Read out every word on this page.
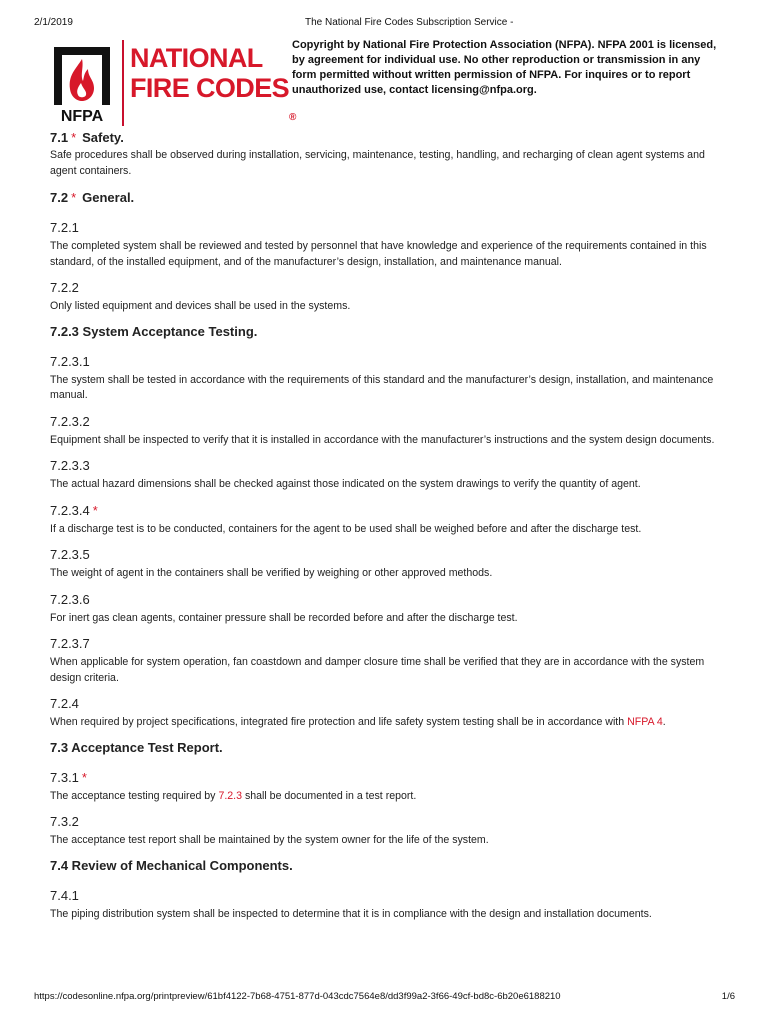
2/1/2019	The National Fire Codes Subscription Service -
NFPA
NATIONAL
FIRE CODES®
Copyright by National Fire Protection Association (NFPA). NFPA 2001 is licensed, by agreement for individual use. No other reproduction or transmission in any form permitted without written permission of NFPA. For inquires or to report unauthorized use, contact licensing@nfpa.org.
7.1 * Safety.
Safe procedures shall be observed during installation, servicing, maintenance, testing, handling, and recharging of clean agent systems and agent containers.
7.2 * General.
7.2.1
The completed system shall be reviewed and tested by personnel that have knowledge and experience of the requirements contained in this standard, of the installed equipment, and of the manufacturer’s design, installation, and maintenance manual.
7.2.2
Only listed equipment and devices shall be used in the systems.
7.2.3 System Acceptance Testing.
7.2.3.1
The system shall be tested in accordance with the requirements of this standard and the manufacturer’s design, installation, and maintenance manual.
7.2.3.2
Equipment shall be inspected to verify that it is installed in accordance with the manufacturer’s instructions and the system design documents.
7.2.3.3
The actual hazard dimensions shall be checked against those indicated on the system drawings to verify the quantity of agent.
7.2.3.4 *
If a discharge test is to be conducted, containers for the agent to be used shall be weighed before and after the discharge test.
7.2.3.5
The weight of agent in the containers shall be verified by weighing or other approved methods.
7.2.3.6
For inert gas clean agents, container pressure shall be recorded before and after the discharge test.
7.2.3.7
When applicable for system operation, fan coastdown and damper closure time shall be verified that they are in accordance with the system design criteria.
7.2.4
When required by project specifications, integrated fire protection and life safety system testing shall be in accordance with NFPA 4.
7.3 Acceptance Test Report.
7.3.1 *
The acceptance testing required by 7.2.3 shall be documented in a test report.
7.3.2
The acceptance test report shall be maintained by the system owner for the life of the system.
7.4 Review of Mechanical Components.
7.4.1
The piping distribution system shall be inspected to determine that it is in compliance with the design and installation documents.
https://codesonline.nfpa.org/printpreview/61bf4122-7b68-4751-877d-043cdc7564e8/dd3f99a2-3f66-49cf-bd8c-6b20e6188210	1/6
